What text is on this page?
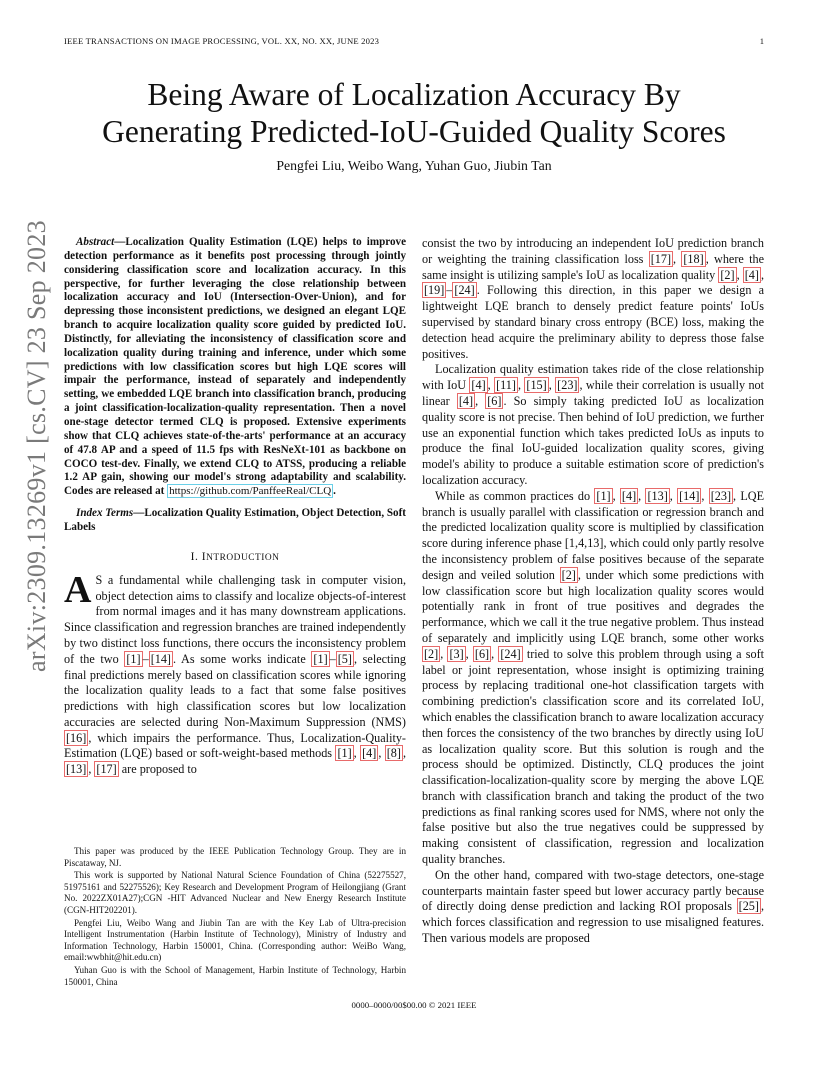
IEEE TRANSACTIONS ON IMAGE PROCESSING, VOL. XX, NO. XX, JUNE 2023	1
arXiv:2309.13269v1 [cs.CV] 23 Sep 2023
Being Aware of Localization Accuracy By
Generating Predicted-IoU-Guided Quality Scores
Pengfei Liu, Weibo Wang, Yuhan Guo, Jiubin Tan

Abstract—Localization Quality Estimation (LQE) helps to improve detection performance as it benefits post processing through jointly considering classification score and localization accuracy. In this perspective, for further leveraging the close relationship between localization accuracy and IoU (Intersection-Over-Union), and for depressing those inconsistent predictions, we designed an elegant LQE branch to acquire localization quality score guided by predicted IoU. Distinctly, for alleviating the inconsistency of classification score and localization quality during training and inference, under which some predictions with low classification scores but high LQE scores will impair the performance, instead of separately and independently setting, we embedded LQE branch into classification branch, producing a joint classification-localization-quality representation. Then a novel one-stage detector termed CLQ is proposed. Extensive experiments show that CLQ achieves state-of-the-arts' performance at an accuracy of 47.8 AP and a speed of 11.5 fps with ResNeXt-101 as backbone on COCO test-dev. Finally, we extend CLQ to ATSS, producing a reliable 1.2 AP gain, showing our model's strong adaptability and scalability. Codes are released at https://github.com/PanffeeReal/CLQ .

Index Terms—Localization Quality Estimation, Object Detection, Soft Labels

I. INTRODUCTION

A S a fundamental while challenging task in computer vision, object detection aims to classify and localize objects-of-interest from normal images and it has many downstream applications. Since classification and regression branches are trained independently by two distinct loss functions, there occurs the inconsistency problem of the two [1] – [14] . As some works indicate [1] – [5] , selecting final predictions merely based on classification scores while ignoring the localization quality leads to a fact that some false positives predictions with high classification scores but low localization accuracies are selected during Non-Maximum Suppression (NMS) [16] , which impairs the performance. Thus, Localization-Quality-Estimation (LQE) based or soft-weight-based methods [1] , [4] , [8] , [13] , [17] are proposed to

This paper was produced by the IEEE Publication Technology Group. They are in Piscataway, NJ.

This work is supported by National Natural Science Foundation of China (52275527, 51975161 and 52275526); Key Research and Development Program of Heilongjiang (Grant No. 2022ZX01A27);CGN -HIT Advanced Nuclear and New Energy Research Institute (CGN-HIT202201).

Pengfei Liu, Weibo Wang and Jiubin Tan are with the Key Lab of Ultra-precision Intelligent Instrumentation (Harbin Institute of Technology), Ministry of Industry and Information Technology, Harbin 150001, China. (Corresponding author: WeiBo Wang, email:wwbhit@hit.edu.cn)

Yuhan Guo is with the School of Management, Harbin Institute of Technology, Harbin 150001, China

consist the two by introducing an independent IoU prediction branch or weighting the training classification loss [17] , [18] , where the same insight is utilizing sample's IoU as localization quality [2] , [4] , [19] – [24] . Following this direction, in this paper we design a lightweight LQE branch to densely predict feature points' IoUs supervised by standard binary cross entropy (BCE) loss, making the detection head acquire the preliminary ability to depress those false positives.

Localization quality estimation takes ride of the close relationship with IoU [4] , [11] , [15] , [23] , while their correlation is usually not linear [4] , [6] . So simply taking predicted IoU as localization quality score is not precise. Then behind of IoU prediction, we further use an exponential function which takes predicted IoUs as inputs to produce the final IoU-guided localization quality scores, giving model's ability to produce a suitable estimation score of prediction's localization accuracy.

While as common practices do [1] , [4] , [13] , [14] , [23] , LQE branch is usually parallel with classification or regression branch and the predicted localization quality score is multiplied by classification score during inference phase [1,4,13], which could only partly resolve the inconsistency problem of false positives because of the separate design and veiled solution [2] , under which some predictions with low classification score but high localization quality scores would potentially rank in front of true positives and degrades the performance, which we call it the true negative problem. Thus instead of separately and implicitly using LQE branch, some other works [2] , [3] , [6] , [24] tried to solve this problem through using a soft label or joint representation, whose insight is optimizing training process by replacing traditional one-hot classification targets with combining prediction's classification score and its correlated IoU, which enables the classification branch to aware localization accuracy then forces the consistency of the two branches by directly using IoU as localization quality score. But this solution is rough and the process should be optimized. Distinctly, CLQ produces the joint classification-localization-quality score by merging the above LQE branch with classification branch and taking the product of the two predictions as final ranking scores used for NMS, where not only the false positive but also the true negatives could be suppressed by making consistent of classification, regression and localization quality branches.

On the other hand, compared with two-stage detectors, one-stage counterparts maintain faster speed but lower accuracy partly because of directly doing dense prediction and lacking ROI proposals [25] , which forces classification and regression to use misaligned features. Then various models are proposed

0000–0000/00$00.00 © 2021 IEEE
